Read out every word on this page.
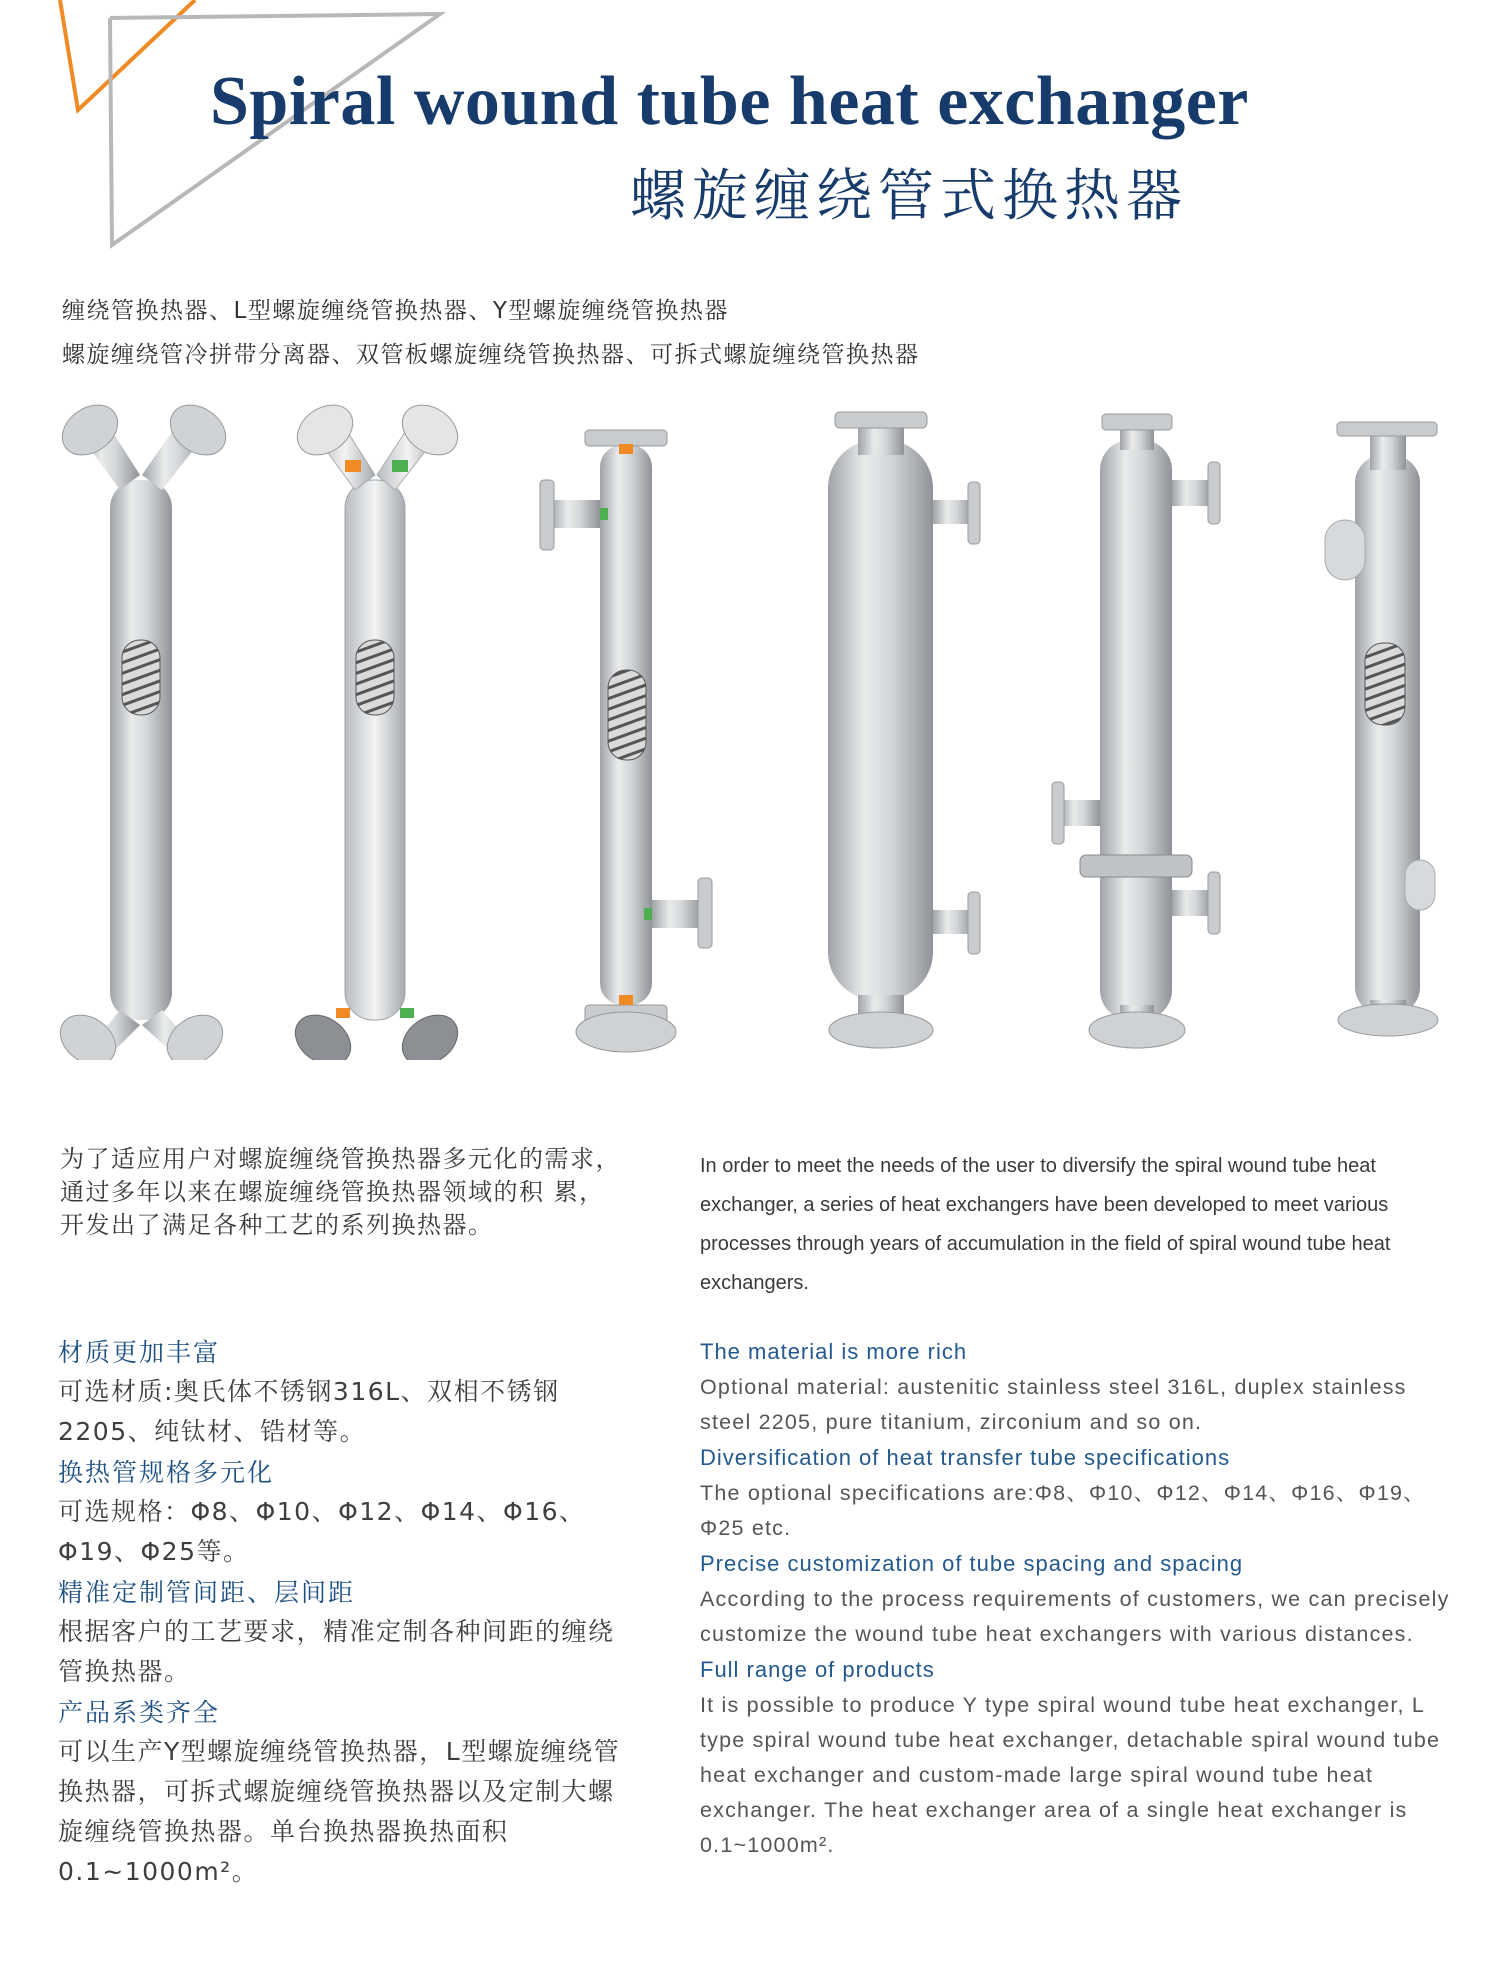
Spiral wound tube heat exchanger
螺旋缠绕管式换热器
缠绕管换热器、L型螺旋缠绕管换热器、Y型螺旋缠绕管换热器
螺旋缠绕管冷拼带分离器、双管板螺旋缠绕管换热器、可拆式螺旋缠绕管换热器
为了适应用户对螺旋缠绕管换热器多元化的需求，通过多年以来在螺旋缠绕管换热器领域的积 累，开发出了满足各种工艺的系列换热器。
In order to meet the needs of the user to diversify the spiral wound tube heat exchanger, a series of heat exchangers have been developed to meet various processes through years of accumulation in the field of spiral wound tube heat exchangers.
材质更加丰富
可选材质:奥氏体不锈钢316L、双相不锈钢2205、纯钛材、锆材等。
换热管规格多元化
可选规格：Φ8、Φ10、Φ12、Φ14、Φ16、Φ19、Φ25等。
精准定制管间距、层间距
根据客户的工艺要求，精准定制各种间距的缠绕管换热器。
产品系类齐全
可以生产Y型螺旋缠绕管换热器，L型螺旋缠绕管换热器，可拆式螺旋缠绕管换热器以及定制大螺旋缠绕管换热器。单台换热器换热面积0.1~1000m²。
The material is more rich
Optional material: austenitic stainless steel 316L, duplex stainless steel 2205, pure titanium, zirconium and so on.
Diversification of heat transfer tube specifications
The optional specifications are:Φ8、Φ10、Φ12、Φ14、Φ16、Φ19、Φ25 etc.
Precise customization of tube spacing and spacing
According to the process requirements of customers, we can precisely customize the wound tube heat exchangers with various distances.
Full range of products
It is possible to produce Y type spiral wound tube heat exchanger, L type spiral wound tube heat exchanger, detachable spiral wound tube heat exchanger and custom-made large spiral wound tube heat exchanger. The heat exchanger area of a single heat exchanger is 0.1~1000m².
